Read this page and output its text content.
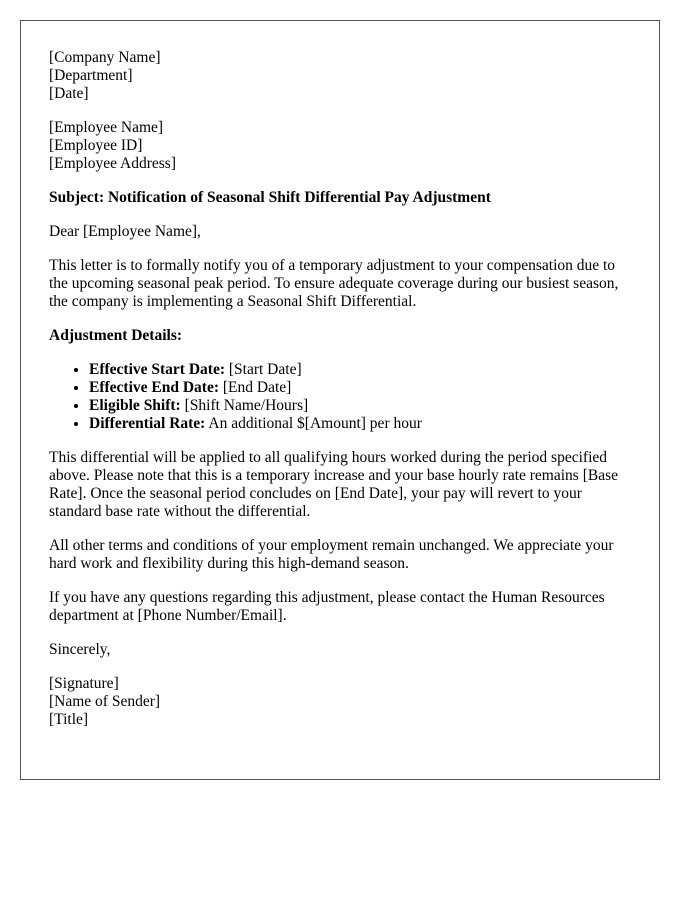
[Company Name]
[Department]
[Date]
[Employee Name]
[Employee ID]
[Employee Address]

Subject: Notification of Seasonal Shift Differential Pay Adjustment

Dear [Employee Name],

This letter is to formally notify you of a temporary adjustment to your compensation due to the upcoming seasonal peak period. To ensure adequate coverage during our busiest season, the company is implementing a Seasonal Shift Differential.

Adjustment Details:

• Effective Start Date: [Start Date]
• Effective End Date: [End Date]
• Eligible Shift: [Shift Name/Hours]
• Differential Rate: An additional $[Amount] per hour

This differential will be applied to all qualifying hours worked during the period specified above. Please note that this is a temporary increase and your base hourly rate remains [Base Rate]. Once the seasonal period concludes on [End Date], your pay will revert to your standard base rate without the differential.

All other terms and conditions of your employment remain unchanged. We appreciate your hard work and flexibility during this high-demand season.

If you have any questions regarding this adjustment, please contact the Human Resources department at [Phone Number/Email].

Sincerely,

[Signature]
[Name of Sender]
[Title]
